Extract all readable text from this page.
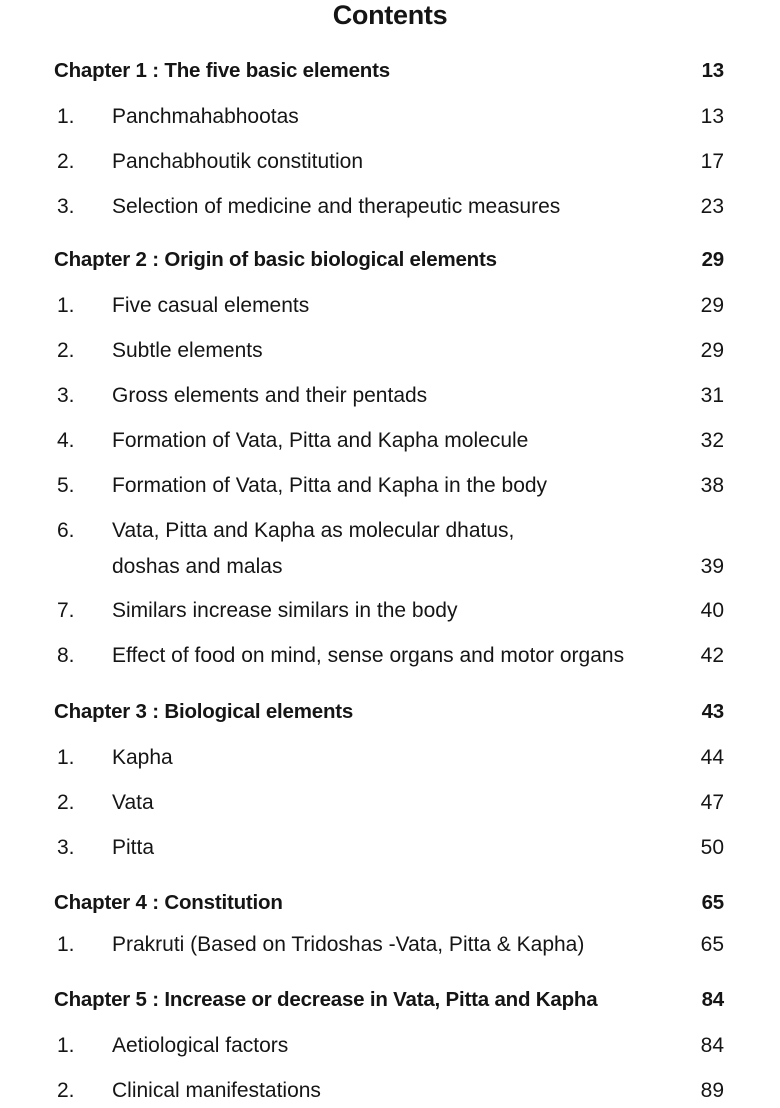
Contents
Chapter 1 : The five basic elements	13
1. Panchmahabhootas	13
2. Panchabhoutik constitution	17
3. Selection of medicine and therapeutic measures	23
Chapter 2 : Origin of basic biological elements	29
1. Five casual elements	29
2. Subtle elements	29
3. Gross elements and their pentads	31
4. Formation of Vata, Pitta and Kapha molecule	32
5. Formation of Vata, Pitta and Kapha in the body	38
6. Vata, Pitta and Kapha as molecular dhatus,
doshas and malas	39
7. Similars increase similars in the body	40
8. Effect of food on mind, sense organs and motor organs	42
Chapter 3 : Biological elements	43
1. Kapha	44
2. Vata	47
3. Pitta	50
Chapter 4 : Constitution	65
1. Prakruti (Based on Tridoshas -Vata, Pitta & Kapha)	65
Chapter 5 : Increase or decrease in Vata, Pitta and Kapha	84
1. Aetiological factors	84
2. Clinical manifestations	89
